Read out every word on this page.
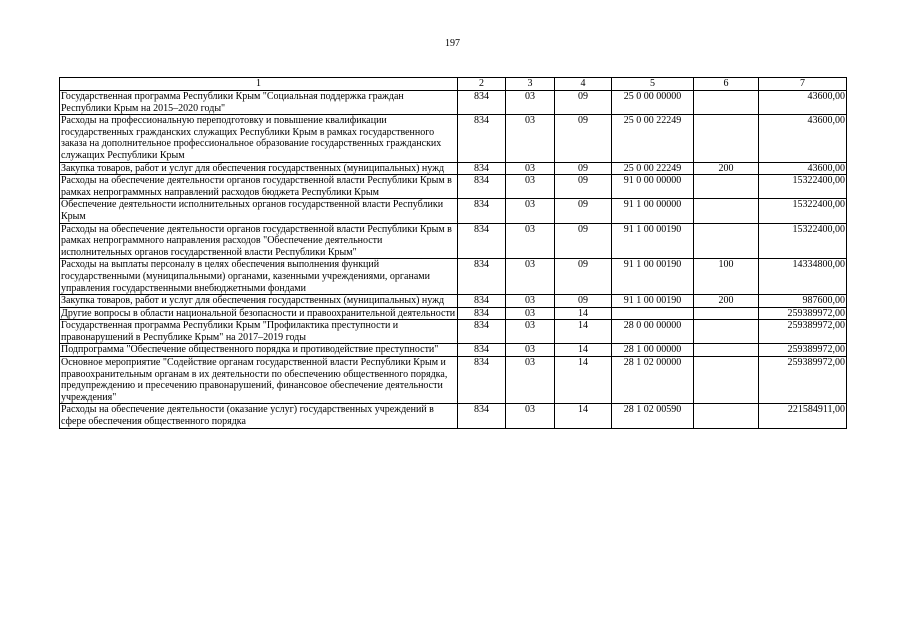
197
1	2	3	4	5	6	7
Государственная программа Республики Крым "Социальная поддержка граждан Республики Крым на 2015–2020 годы"	834	03	09	25 0 00 00000		43600,00
Расходы на профессиональную переподготовку и повышение квалификации государственных гражданских служащих Республики Крым в рамках государственного заказа на дополнительное профессиональное образование государственных гражданских служащих Республики Крым	834	03	09	25 0 00 22249		43600,00
Закупка товаров, работ и услуг для обеспечения государственных (муниципальных) нужд	834	03	09	25 0 00 22249	200	43600,00
Расходы на обеспечение деятельности органов государственной власти Республики Крым в рамках непрограммных направлений расходов бюджета Республики Крым	834	03	09	91 0 00 00000		15322400,00
Обеспечение деятельности исполнительных органов государственной власти Республики Крым	834	03	09	91 1 00 00000		15322400,00
Расходы на обеспечение деятельности органов государственной власти Республики Крым в рамках непрограммного направления расходов "Обеспечение деятельности исполнительных органов государственной власти Республики Крым"	834	03	09	91 1 00 00190		15322400,00
Расходы на выплаты персоналу в целях обеспечения выполнения функций государственными (муниципальными) органами, казенными учреждениями, органами управления государственными внебюджетными фондами	834	03	09	91 1 00 00190	100	14334800,00
Закупка товаров, работ и услуг для обеспечения государственных (муниципальных) нужд	834	03	09	91 1 00 00190	200	987600,00
Другие вопросы в области национальной безопасности и правоохранительной деятельности	834	03	14			259389972,00
Государственная программа Республики Крым "Профилактика преступности и правонарушений в Республике Крым" на 2017–2019 годы	834	03	14	28 0 00 00000		259389972,00
Подпрограмма "Обеспечение общественного порядка и противодействие преступности"	834	03	14	28 1 00 00000		259389972,00
Основное мероприятие "Содействие органам государственной власти Республики Крым и правоохранительным органам в их деятельности по обеспечению общественного порядка, предупреждению и пресечению правонарушений, финансовое обеспечение деятельности учреждения"	834	03	14	28 1 02 00000		259389972,00
Расходы на обеспечение деятельности (оказание услуг) государственных учреждений в сфере обеспечения общественного порядка	834	03	14	28 1 02 00590		221584911,00
